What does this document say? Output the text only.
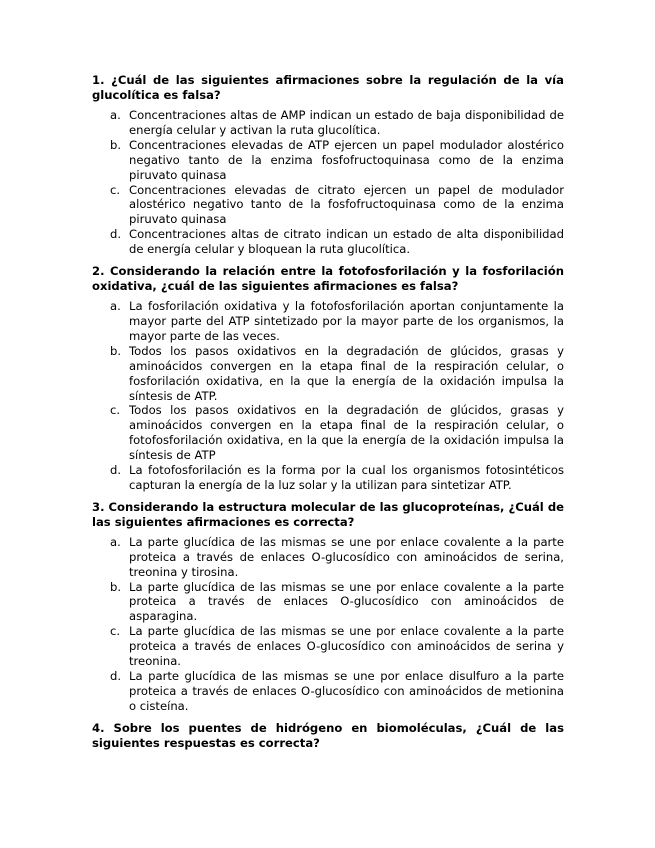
1. ¿Cuál de las siguientes afirmaciones sobre la regulación de la vía glucolítica es falsa?

a. Concentraciones altas de AMP indican un estado de baja disponibilidad de energía celular y activan la ruta glucolítica.
b. Concentraciones elevadas de ATP ejercen un papel modulador alostérico negativo tanto de la enzima fosfofructoquinasa como de la enzima piruvato quinasa
c. Concentraciones elevadas de citrato ejercen un papel de modulador alostérico negativo tanto de la fosfofructoquinasa como de la enzima piruvato quinasa
d. Concentraciones altas de citrato indican un estado de alta disponibilidad de energía celular y bloquean la ruta glucolítica.

2. Considerando la relación entre la fotofosforilación y la fosforilación oxidativa, ¿cuál de las siguientes afirmaciones es falsa?

a. La fosforilación oxidativa y la fotofosforilación aportan conjuntamente la mayor parte del ATP sintetizado por la mayor parte de los organismos, la mayor parte de las veces.
b. Todos los pasos oxidativos en la degradación de glúcidos, grasas y aminoácidos convergen en la etapa final de la respiración celular, o fosforilación oxidativa, en la que la energía de la oxidación impulsa la síntesis de ATP.
c. Todos los pasos oxidativos en la degradación de glúcidos, grasas y aminoácidos convergen en la etapa final de la respiración celular, o fotofosforilación oxidativa, en la que la energía de la oxidación impulsa la síntesis de ATP
d. La fotofosforilación es la forma por la cual los organismos fotosintéticos capturan la energía de la luz solar y la utilizan para sintetizar ATP.

3. Considerando la estructura molecular de las glucoproteínas, ¿Cuál de las siguientes afirmaciones es correcta?

a. La parte glucídica de las mismas se une por enlace covalente a la parte proteica a través de enlaces O-glucosídico con aminoácidos de serina, treonina y tirosina.
b. La parte glucídica de las mismas se une por enlace covalente a la parte proteica a través de enlaces O-glucosídico con aminoácidos de asparagina.
c. La parte glucídica de las mismas se une por enlace covalente a la parte proteica a través de enlaces O-glucosídico con aminoácidos de serina y treonina.
d. La parte glucídica de las mismas se une por enlace disulfuro a la parte proteica a través de enlaces O-glucosídico con aminoácidos de metionina o cisteína.

4. Sobre los puentes de hidrógeno en biomoléculas, ¿Cuál de las siguientes respuestas es correcta?
